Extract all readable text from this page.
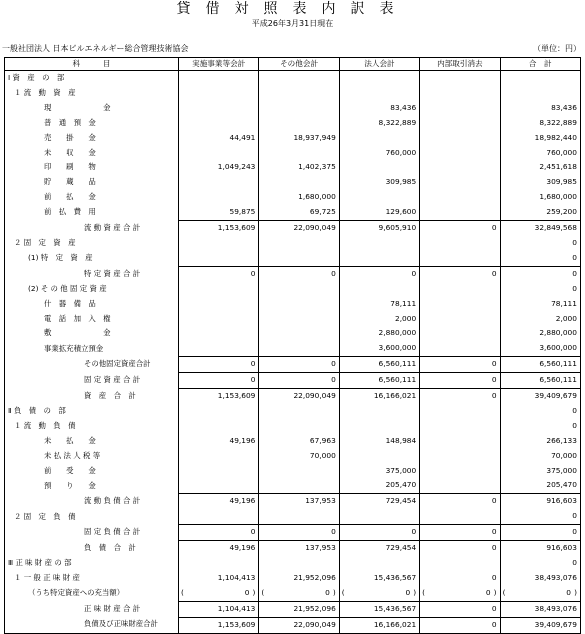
貸借対照表内訳表
平成26年3月31日現在
一般社団法人 日本ビルエネルギー総合管理技術協会	（単位：円）
科　　　目	実施事業等会計	その他会計	法人会計	内部取引消去	合　計
Ⅰ 資　産　の　部					
１ 流　動　資　産					
現　　　　　　　金			83,436		83,436
普　通　預　金			8,322,889		8,322,889
売　　掛　　金	44,491	18,937,949			18,982,440
未　　収　　金			760,000		760,000
印　　刷　　物	1,049,243	1,402,375			2,451,618
貯　　蔵　　品			309,985		309,985
前　　払　　金		1,680,000			1,680,000
前　払　費　用	59,875	69,725	129,600		259,200
流 動 資 産 合 計	1,153,609	22,090,049	9,605,910	0	32,849,568
２ 固　定　資　産					0
(1) 特　定　資　産					0
特 定 資 産 合 計	0	0	0	0	0
(2) そ の 他 固 定 資 産					0
什　器　備　品			78,111		78,111
電　話　加　入　権			2,000		2,000
敷　　　　　　　金			2,880,000		2,880,000
事業拡充積立預金			3,600,000		3,600,000
その他固定資産合計	0	0	6,560,111	0	6,560,111
固 定 資 産 合 計	0	0	6,560,111	0	6,560,111
資　産　合　計	1,153,609	22,090,049	16,166,021	0	39,409,679
Ⅱ 負　債　の　部					0
１ 流　動　負　債					0
未　　払　　金	49,196	67,963	148,984		266,133
未 払 法 人 税 等		70,000			70,000
前　　受　　金			375,000		375,000
預　　り　　金			205,470		205,470
流 動 負 債 合 計	49,196	137,953	729,454	0	916,603
２ 固　定　負　債					0
固 定 負 債 合 計	0	0	0	0	0
負　債　合　計	49,196	137,953	729,454	0	916,603
Ⅲ 正 味 財 産 の 部					0
１ 一 般 正 味 財 産	1,104,413	21,952,096	15,436,567	0	38,493,076
（うち特定資産への充当額）	( 0 )	( 0 )	( 0 )	( 0 )	( 0 )

正 味 財 産 合 計	1,104,413	21,952,096	15,436,567	0	38,493,076
負債及び正味財産合計	1,153,609	22,090,049	16,166,021	0	39,409,679
